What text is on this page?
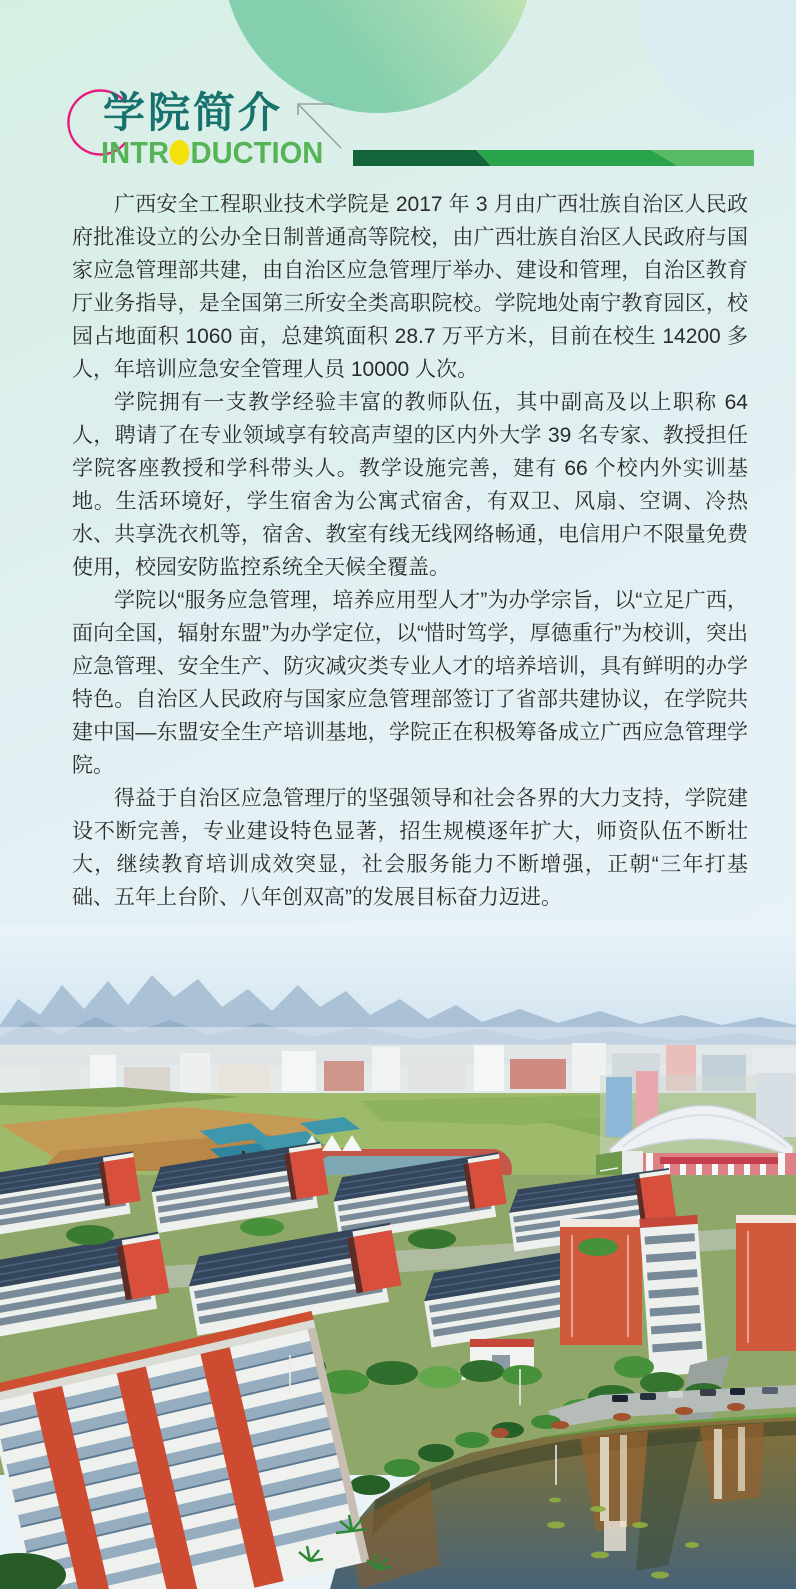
学院简介
INTR DUCTION

广西安全工程职业技术学院是 2017 年 3 月由广西壮族自治区人民政府批准设立的公办全日制普通高等院校，由广西壮族自治区人民政府与国家应急管理部共建，由自治区应急管理厅举办、建设和管理，自治区教育厅业务指导，是全国第三所安全类高职院校。学院地处南宁教育园区，校园占地面积 1060 亩，总建筑面积 28.7 万平方米，目前在校生 14200 多人，年培训应急安全管理人员 10000 人次。

学院拥有一支教学经验丰富的教师队伍，其中副高及以上职称 64 人，聘请了在专业领域享有较高声望的区内外大学 39 名专家、教授担任学院客座教授和学科带头人。教学设施完善，建有 66 个校内外实训基地。生活环境好，学生宿舍为公寓式宿舍，有双卫、风扇、空调、冷热水、共享洗衣机等，宿舍、教室有线无线网络畅通，电信用户不限量免费使用，校园安防监控系统全天候全覆盖。

学院以“服务应急管理，培养应用型人才”为办学宗旨，以“立足广西，面向全国，辐射东盟”为办学定位，以“惜时笃学，厚德重行”为校训，突出应急管理、安全生产、防灾减灾类专业人才的培养培训，具有鲜明的办学特色。自治区人民政府与国家应急管理部签订了省部共建协议，在学院共建中国—东盟安全生产培训基地，学院正在积极筹备成立广西应急管理学院。

得益于自治区应急管理厅的坚强领导和社会各界的大力支持，学院建设不断完善，专业建设特色显著，招生规模逐年扩大，师资队伍不断壮大，继续教育培训成效突显，社会服务能力不断增强，正朝“三年打基础、五年上台阶、八年创双高”的发展目标奋力迈进。
